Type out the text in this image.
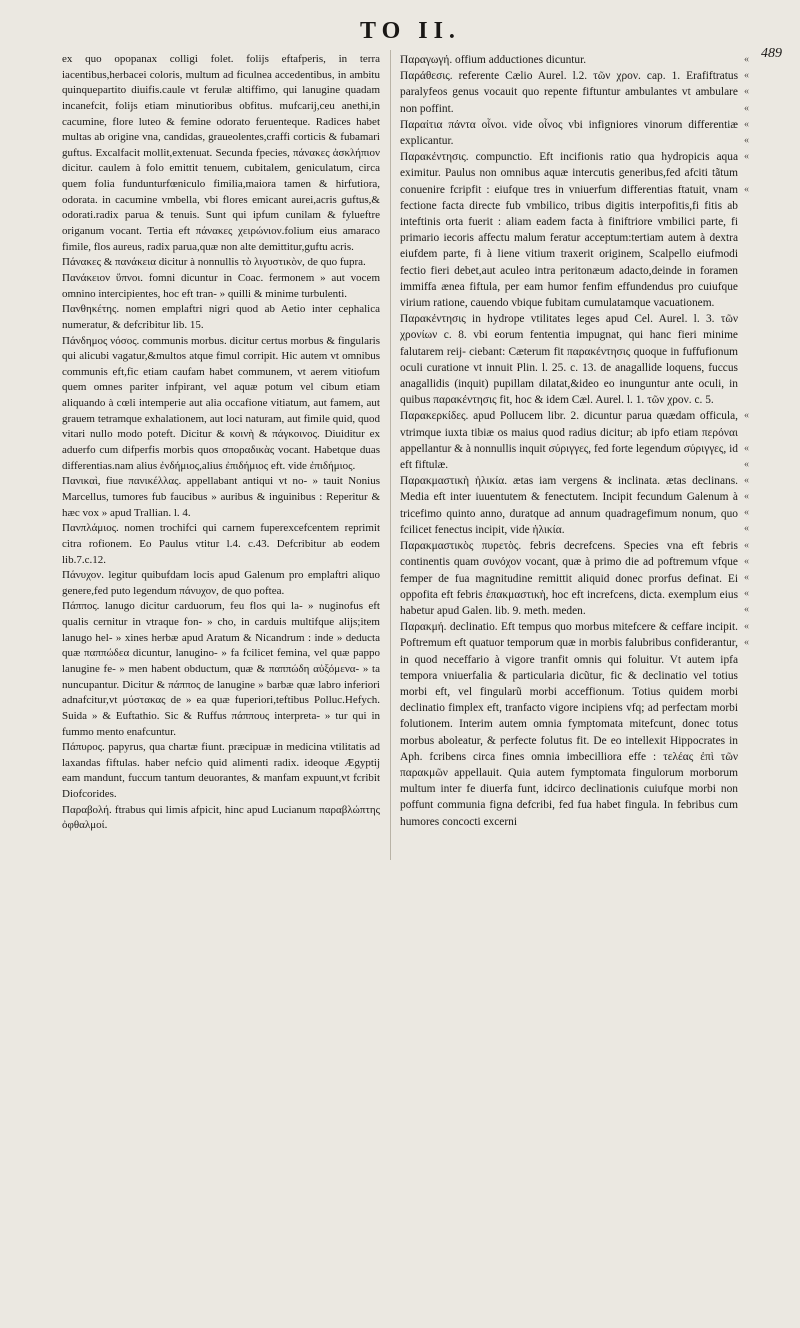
TO II.
489

ex quo opopanax colligi folet. folijs eftafperis, in terra iacentibus,herbacei coloris, multum ad ficulnea accedentibus, in ambitu quinquepartito diuifis.caule vt ferulæ altiffimo, qui lanugine quadam incanefcit, folijs etiam minutioribus obfitus. mufcarij,ceu anethi,in cacumine, flore luteo & femine odorato feruenteque. Radices habet multas ab origine vna, candidas, graueolentes,craffi corticis & fubamari guftus. Excalfacit mollit,extenuat. Secunda fpecies, πάνακες ἀσκλήπιον dicitur. caulem à folo emittit tenuem, cubitalem, geniculatum, circa quem folia fundunturfœniculo fimilia,maiora tamen & hirfutiora, odorata. in cacumine vmbella, vbi flores emicant aurei,acris guftus,& odorati.radix parua & tenuis. Sunt qui ipfum cunilam & fylueftre origanum vocant. Tertia eft πάνακες χειρώνιον.folium eius amaraco fimile, flos aureus, radix parua,quæ non alte demittitur,guftu acris.

Πάνακες & πανάκεια dicitur à nonnullis τὸ λιγυστικὸν, de quo fupra.

Πανάκειον ὕπνοι. fomni dicuntur in Coac. fermonem » aut vocem omnino intercipientes, hoc eft tran- » quilli & minime turbulenti.

Πανθηκέτης. nomen emplaftri nigri quod ab Aetio inter cephalica numeratur, & defcribitur lib. 15.

Πάνδημος νόσος. communis morbus. dicitur certus morbus & fingularis qui alicubi vagatur,&multos atque fimul corripit. Hic autem vt omnibus communis eft,fic etiam caufam habet communem, vt aerem vitiofum quem omnes pariter infpirant, vel aquæ potum vel cibum etiam aliquando à cœli intemperie aut alia occafione vitiatum, aut famem, aut grauem tetramque exhalationem, aut loci naturam, aut fimile quid, quod vitari nullo modo poteft. Dicitur & κοινὴ & πάγκοινος. Diuiditur ex aduerfo cum difperfis morbis quos σποραδικὰς vocant. Habetque duas differentias.nam alius ἐνδήμιος,alius ἐπιδήμιος eft. vide ἐπιδήμιος.

Πανικαὶ, fiue πανικέλλας. appellabant antiqui vt no- » tauit Nonius Marcellus, tumores fub faucibus » auribus & inguinibus : Reperitur & hæc vox » apud Trallian. l. 4.

Πανπλάμιος. nomen trochifci qui carnem fuperexcefcentem reprimit citra rofionem. Eo Paulus vtitur l.4. c.43. Defcribitur ab eodem lib.7.c.12.

Πάνυχον. legitur quibufdam locis apud Galenum pro emplaftri aliquo genere,fed puto legendum πάνυχον, de quo poftea.

Πάππος. lanugo dicitur carduorum, feu flos qui la- » nuginofus eft qualis cernitur in vtraque fon- » cho, in carduis multifque alijs;item lanugo hel- » xines herbæ apud Aratum & Nicandrum : inde » deducta quæ παππώδεα dicuntur, lanugino- » fa fcilicet femina, vel quæ pappo lanugine fe- » men habent obductum, quæ & παππώδη αὐξόμενα- » ta nuncupantur. Dicitur & πάππος de lanugine » barbæ quæ labro inferiori adnafcitur,vt μύστακας de » ea quæ fuperiori,teftibus Polluc.Hefych. Suida » & Euftathio. Sic & Ruffus πάππους interpreta- » tur qui in fummo mento enafcuntur.

Πάπυρος. papyrus, qua chartæ fiunt. præcipuæ in medicina vtilitatis ad laxandas fiftulas. haber nefcio quid alimenti radix. ideoque Ægyptij eam mandunt, fuccum tantum deuorantes, & manfam expuunt,vt fcribit Diofcorides.

Παραβολή. ftrabus qui limis afpicit, hinc apud Lucianum παραβλώπτης ὀφθαλμοί.

Παραγωγή. offium adductiones dicuntur.

Παράθεσις. referente Cælio Aurel. l.2. τῶν χρον. cap. 1. Erafiftratus paralyfeos genus vocauit quo repente fiftuntur ambulantes vt ambulare non poffint.

Παραίτια πάντα οἶνοι. vide οἶνος vbi infigniores vinorum differentiæ explicantur.

Παρακέντησις. compunctio. Eft incifionis ratio qua hydropicis aqua eximitur. Paulus non omnibus aquæ intercutis generibus,fed afciti tãtum conuenire fcripfit : eiufque tres in vniuerfum differentias ftatuit, vnam fectione facta directe fub vmbilico, tribus digitis interpofitis,fi fitis ab inteftinis orta fuerit : aliam eadem facta à finiftriore vmbilici parte, fi primario iecoris affectu malum feratur acceptum:tertiam autem à dextra eiufdem parte, fi à liene vitium traxerit originem, Scalpello eiufmodi fectio fieri debet,aut aculeo intra peritonæum adacto,deinde in foramen immiffa ænea fiftula, per eam humor fenfim effundendus pro cuiufque virium ratione, cauendo vbique fubitam cumulatamque vacuationem.

Παρακέντησις in hydrope vtilitates leges apud Cel. Aurel. l. 3. τῶν χρονίων c. 8. vbi eorum fententia impugnat, qui hanc fieri minime falutarem reij- ciebant: Cæterum fit παρακέντησις quoque in fuffufionum oculi curatione vt innuit Plin. l. 25. c. 13. de anagallide loquens, fuccus anagallidis (inquit) pupillam dilatat,&ideo eo inunguntur ante oculi, in quibus παρακέντησις fit, hoc & idem Cæl. Aurel. l. 1. τῶν χρον. c. 5.

Παρακερκίδες. apud Pollucem libr. 2. dicuntur parua quædam officula, vtrimque iuxta tibiæ os maius quod radius dicitur; ab ipfo etiam περόναι appellantur & à nonnullis inquit σύριγγες, fed forte legendum σύριγγες, id eft fiftulæ.

Παρακμαστικὴ ἡλικία. ætas iam vergens & inclinata. ætas declinans. Media eft inter iuuentutem & fenectutem. Incipit fecundum Galenum à tricefimo quinto anno, duratque ad annum quadragefimum nonum, quo fcilicet fenectus incipit, vide ἡλικία.

Παρακμαστικὸς πυρετὸς. febris decrefcens. Species vna eft febris continentis quam συνόχον vocant, quæ à primo die ad poftremum vfque femper de fua magnitudine remittit aliquid donec prorfus definat. Ei oppofita eft febris ἐπακμαστικὴ, hoc eft increfcens, dicta. exemplum eius habetur apud Galen. lib. 9. meth. meden.

Παρακμή. declinatio. Eft tempus quo morbus mitefcere & ceffare incipit. Poftremum eft quatuor temporum quæ in morbis falubribus confiderantur, in quod neceffario à vigore tranfit omnis qui foluitur. Vt autem ipfa tempora vniuerfalia & particularia dicũtur, fic & declinatio vel totius morbi eft, vel fingularũ morbi acceffionum. Totius quidem morbi declinatio fimplex eft, tranfacto vigore incipiens vfq; ad perfectam morbi folutionem. Interim autem omnia fymptomata mitefcunt, donec totus morbus aboleatur, & perfecte folutus fit. De eo intellexit Hippocrates in Aph. fcribens circa fines omnia imbecilliora effe : τελέας ἐπὶ τῶν παρακμῶν appellauit. Quia autem fymptomata fingulorum morborum multum inter fe diuerfa funt, idcirco declinationis cuiufque morbi non poffunt communia figna defcribi, fed fua habet fingula. In febribus cum humores concocti excerni

«
«
«
«
«
«
«
«
«
«
«
«
«
«
«
«
«
«
«
«
«
«
